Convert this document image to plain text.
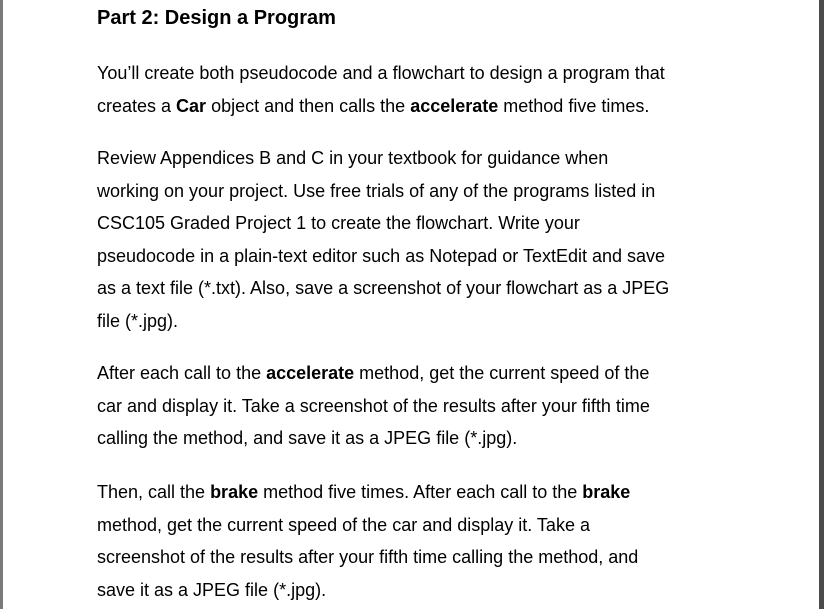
Part 2: Design a Program

You’ll create both pseudocode and a flowchart to design a program that
creates a Car object and then calls the accelerate method five times.

Review Appendices B and C in your textbook for guidance when
working on your project. Use free trials of any of the programs listed in
CSC105 Graded Project 1 to create the flowchart. Write your
pseudocode in a plain-text editor such as Notepad or TextEdit and save
as a text file (*.txt). Also, save a screenshot of your flowchart as a JPEG
file (*.jpg).

After each call to the accelerate method, get the current speed of the
car and display it. Take a screenshot of the results after your fifth time
calling the method, and save it as a JPEG file (*.jpg).

Then, call the brake method five times. After each call to the brake
method, get the current speed of the car and display it. Take a
screenshot of the results after your fifth time calling the method, and
save it as a JPEG file (*.jpg).
